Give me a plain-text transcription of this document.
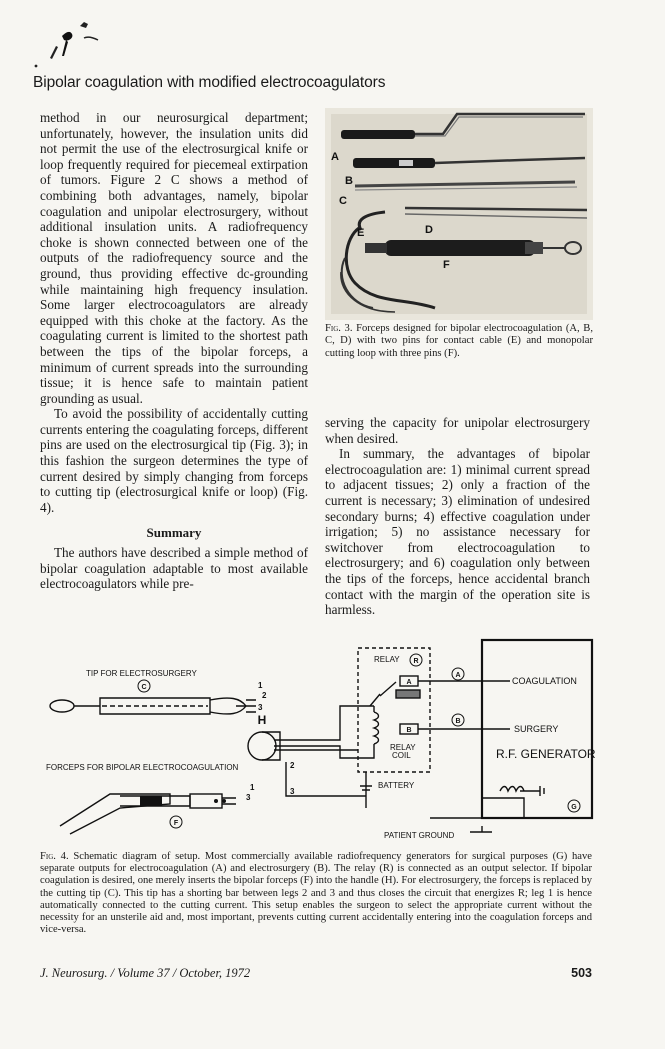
Bipolar coagulation with modified electrocoagulators

method in our neurosurgical department; unfortunately, however, the insulation units did not permit the use of the electrosurgical knife or loop frequently required for piecemeal extirpation of tumors. Figure 2 C shows a method of combining both advantages, namely, bipolar coagulation and unipolar electrosurgery, without additional insulation units. A radiofrequency choke is shown connected between one of the outputs of the radiofrequency source and the ground, thus providing effective dc-grounding while maintaining high frequency insulation. Some larger electrocoagulators are already equipped with this choke at the factory. As the coagulating current is limited to the shortest path between the tips of the bipolar forceps, a minimum of current spreads into the surrounding tissue; it is hence safe to maintain patient grounding as usual.

To avoid the possibility of accidentally cutting currents entering the coagulating forceps, different pins are used on the electrosurgical tip (Fig. 3); in this fashion the surgeon determines the type of current desired by simply changing from forceps to cutting tip (electrosurgical knife or loop) (Fig. 4).

Summary

The authors have described a simple method of bipolar coagulation adaptable to most available electrocoagulators while pre-

A
B
C
D
E
F
Fig. 3. Forceps designed for bipolar electrocoagulation (A, B, C, D) with two pins for contact cable (E) and monopolar cutting loop with three pins (F).

serving the capacity for unipolar electrosurgery when desired.

In summary, the advantages of bipolar electrocoagulation are: 1) minimal current spread to adjacent tissues; 2) only a fraction of the current is necessary; 3) elimination of undesired secondary burns; 4) effective coagulation under irrigation; 5) no assistance necessary for switchover from electrocoagulation to electrosurgery; and 6) coagulation only between the tips of the forceps, hence accidental branch contact with the margin of the operation site is harmless.

TIP FOR ELECTROSURGERY
FORCEPS FOR BIPOLAR ELECTROCOAGULATION
RELAY
RELAY
COIL
BATTERY
PATIENT GROUND
COAGULATION
SURGERY
R.F. GENERATOR
1
2
3
2
1
3
3
C
H
F
R
A
B
A
B
G
Fig. 4. Schematic diagram of setup. Most commercially available radiofrequency generators for surgical purposes (G) have separate outputs for electrocoagulation (A) and electrosurgery (B). The relay (R) is connected as an output selector. If bipolar coagulation is desired, one merely inserts the bipolar forceps (F) into the handle (H). For electrosurgery, the forceps is replaced by the cutting tip (C). This tip has a shorting bar between legs 2 and 3 and thus closes the circuit that energizes R; leg 1 is hence automatically connected to the cutting current. This setup enables the surgeon to select the appropriate current without the necessity for an unsterile aid and, most important, prevents cutting current accidentally entering into the coagulation forceps and vice-versa.
J. Neurosurg. / Volume 37 / October, 1972	503
